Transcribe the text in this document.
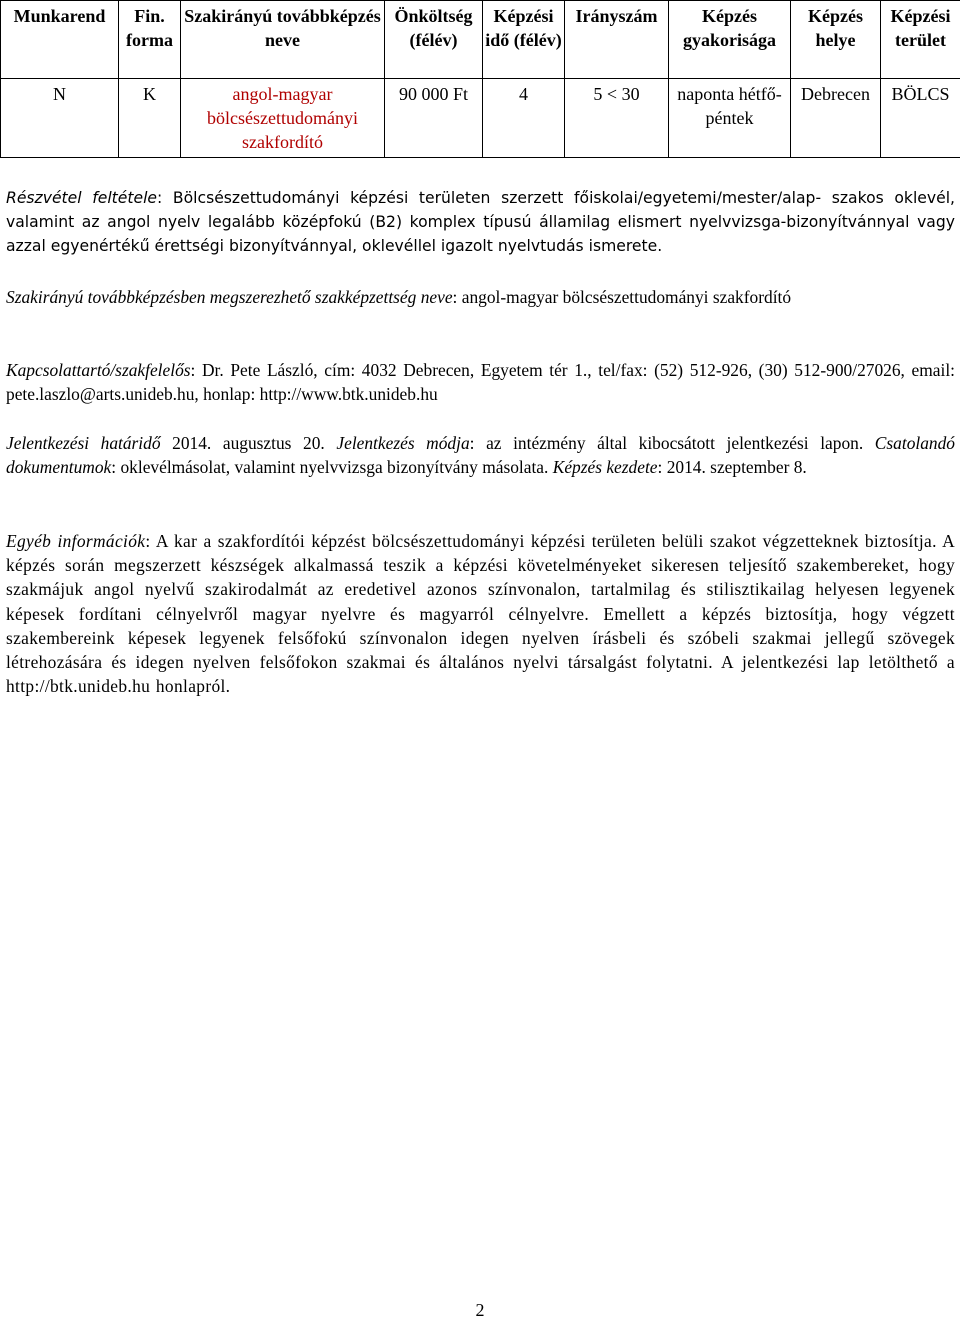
Munkarend	Fin. forma	Szakirányú továbbképzés neve	Önköltség (félév)	Képzési idő (félév)	Irányszám	Képzés gyakorisága	Képzés helye	Képzési terület
N	K	angol-magyar bölcsészettudományi szakfordító	90 000 Ft	4	5 < 30	naponta hétfő-péntek	Debrecen	BÖLCS
Részvétel feltétele: Bölcsészettudományi képzési területen szerzett főiskolai/egyetemi/mester/alap- szakos oklevél, valamint az angol nyelv legalább középfokú (B2) komplex típusú államilag elismert nyelvvizsga-bizonyítvánnyal vagy azzal egyenértékű érettségi bizonyítvánnyal, oklevéllel igazolt nyelvtudás ismerete.
Szakirányú továbbképzésben megszerezhető szakképzettség neve: angol-magyar bölcsészettudományi szakfordító
Kapcsolattartó/szakfelelős: Dr. Pete László, cím: 4032 Debrecen, Egyetem tér 1., tel/fax: (52) 512-926, (30) 512-900/27026, email: pete.laszlo@arts.unideb.hu, honlap: http://www.btk.unideb.hu
Jelentkezési határidő 2014. augusztus 20. Jelentkezés módja: az intézmény által kibocsátott jelentkezési lapon. Csatolandó dokumentumok: oklevélmásolat, valamint nyelvvizsga bizonyítvány másolata. Képzés kezdete: 2014. szeptember 8.
Egyéb információk: A kar a szakfordítói képzést bölcsészettudományi képzési területen belüli szakot végzetteknek biztosítja. A képzés során megszerzett készségek alkalmassá teszik a képzési követelményeket sikeresen teljesítő szakembereket, hogy szakmájuk angol nyelvű szakirodalmát az eredetivel azonos színvonalon, tartalmilag és stilisztikailag helyesen legyenek képesek fordítani célnyelvről magyar nyelvre és magyarról célnyelvre. Emellett a képzés biztosítja, hogy végzett szakembereink képesek legyenek felsőfokú színvonalon idegen nyelven írásbeli és szóbeli szakmai jellegű szövegek létrehozására és idegen nyelven felsőfokon szakmai és általános nyelvi társalgást folytatni. A jelentkezési lap letölthető a http://btk.unideb.hu honlapról.
2
